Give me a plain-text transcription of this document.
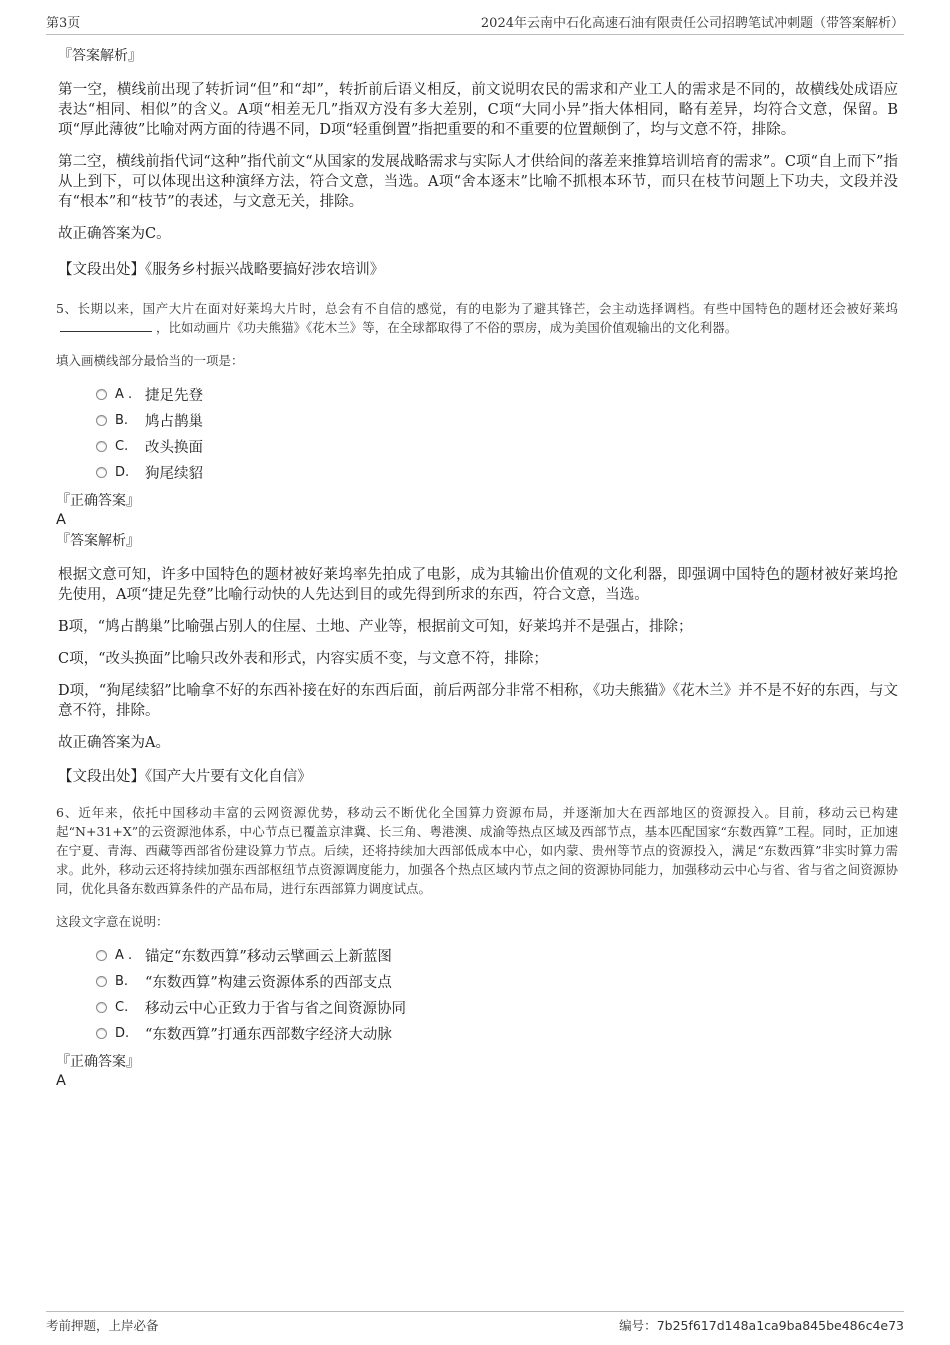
第3页	2024年云南中石化高速石油有限责任公司招聘笔试冲刺题（带答案解析）

『答案解析』

第一空，横线前出现了转折词“但”和“却”，转折前后语义相反，前文说明农民的需求和产业工人的需求是不同的，故横线处成语应表达“相同、相似”的含义。A项“相差无几”指双方没有多大差别，C项“大同小异”指大体相同，略有差异，均符合文意，保留。B项“厚此薄彼”比喻对两方面的待遇不同，D项“轻重倒置”指把重要的和不重要的位置颠倒了，均与文意不符，排除。

第二空，横线前指代词“这种”指代前文“从国家的发展战略需求与实际人才供给间的落差来推算培训培育的需求”。C项“自上而下”指从上到下，可以体现出这种演绎方法，符合文意，当选。A项“舍本逐末”比喻不抓根本环节，而只在枝节问题上下功夫，文段并没有“根本”和“枝节”的表述，与文意无关，排除。

故正确答案为C。

【文段出处】《服务乡村振兴战略要搞好涉农培训》

5、长期以来，国产大片在面对好莱坞大片时，总会有不自信的感觉，有的电影为了避其锋芒，会主动选择调档。有些中国特色的题材还会被好莱坞，比如动画片《功夫熊猫》《花木兰》等，在全球都取得了不俗的票房，成为美国价值观输出的文化利器。

填入画横线部分最恰当的一项是：

A . 捷足先登
B.	鸠占鹊巢
C.	改头换面
D.	狗尾续貂

『正确答案』

A

『答案解析』

根据文意可知，许多中国特色的题材被好莱坞率先拍成了电影，成为其输出价值观的文化利器，即强调中国特色的题材被好莱坞抢先使用，A项“捷足先登”比喻行动快的人先达到目的或先得到所求的东西，符合文意，当选。

B项，“鸠占鹊巢”比喻强占别人的住屋、土地、产业等，根据前文可知，好莱坞并不是强占，排除；

C项，“改头换面”比喻只改外表和形式，内容实质不变，与文意不符，排除；

D项，“狗尾续貂”比喻拿不好的东西补接在好的东西后面，前后两部分非常不相称，《功夫熊猫》《花木兰》并不是不好的东西，与文意不符，排除。

故正确答案为A。

【文段出处】《国产大片要有文化自信》

6、近年来，依托中国移动丰富的云网资源优势，移动云不断优化全国算力资源布局，并逐渐加大在西部地区的资源投入。目前，移动云已构建起“N+31+X”的云资源池体系，中心节点已覆盖京津冀、长三角、粤港澳、成渝等热点区域及西部节点，基本匹配国家“东数西算”工程。同时，正加速在宁夏、青海、西藏等西部省份建设算力节点。后续，还将持续加大西部低成本中心，如内蒙、贵州等节点的资源投入，满足“东数西算”非实时算力需求。此外，移动云还将持续加强东西部枢纽节点资源调度能力，加强各个热点区域内节点之间的资源协同能力，加强移动云中心与省、省与省之间资源协同，优化具备东数西算条件的产品布局，进行东西部算力调度试点。

这段文字意在说明：

A . 锚定“东数西算”移动云擘画云上新蓝图
B.	“东数西算”构建云资源体系的西部支点
C.	移动云中心正致力于省与省之间资源协同
D.	“东数西算”打通东西部数字经济大动脉

『正确答案』

A

考前押题，上岸必备	编号：7b25f617d148a1ca9ba845be486c4e73
